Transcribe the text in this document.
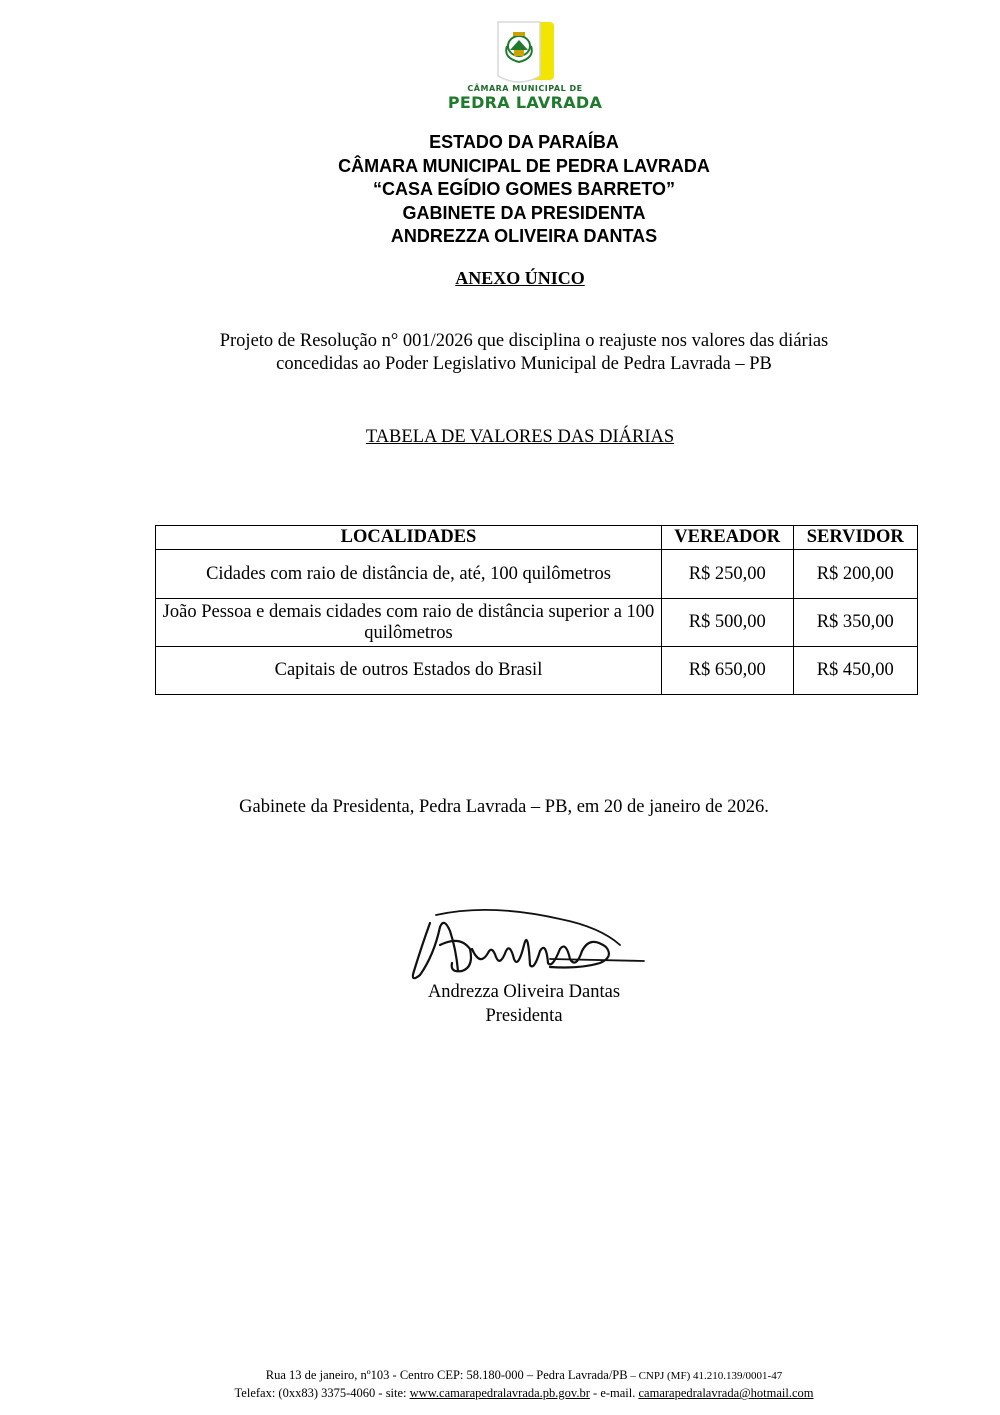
CÂMARA MUNICIPAL DE
PEDRA LAVRADA
ESTADO DA PARAÍBA
CÂMARA MUNICIPAL DE PEDRA LAVRADA
“CASA EGÍDIO GOMES BARRETO”
GABINETE DA PRESIDENTA
ANDREZZA OLIVEIRA DANTAS
ANEXO ÚNICO
Projeto de Resolução n° 001/2026 que disciplina o reajuste nos valores das diárias
concedidas ao Poder Legislativo Municipal de Pedra Lavrada – PB
TABELA DE VALORES DAS DIÁRIAS
LOCALIDADES	VEREADOR	SERVIDOR
Cidades com raio de distância de, até, 100 quilômetros	R$ 250,00	R$ 200,00
João Pessoa e demais cidades com raio de distância superior a 100 quilômetros	R$ 500,00	R$ 350,00
Capitais de outros Estados do Brasil	R$ 650,00	R$ 450,00
Gabinete da Presidenta, Pedra Lavrada – PB, em 20 de janeiro de 2026.
Andrezza Oliveira Dantas
Presidenta
Rua 13 de janeiro, nº103 - Centro CEP: 58.180-000 – Pedra Lavrada/PB – CNPJ (MF) 41.210.139/0001-47
Telefax: (0xx83) 3375-4060 - site: www.camarapedralavrada.pb.gov.br - e-mail. camarapedralavrada@hotmail.com
